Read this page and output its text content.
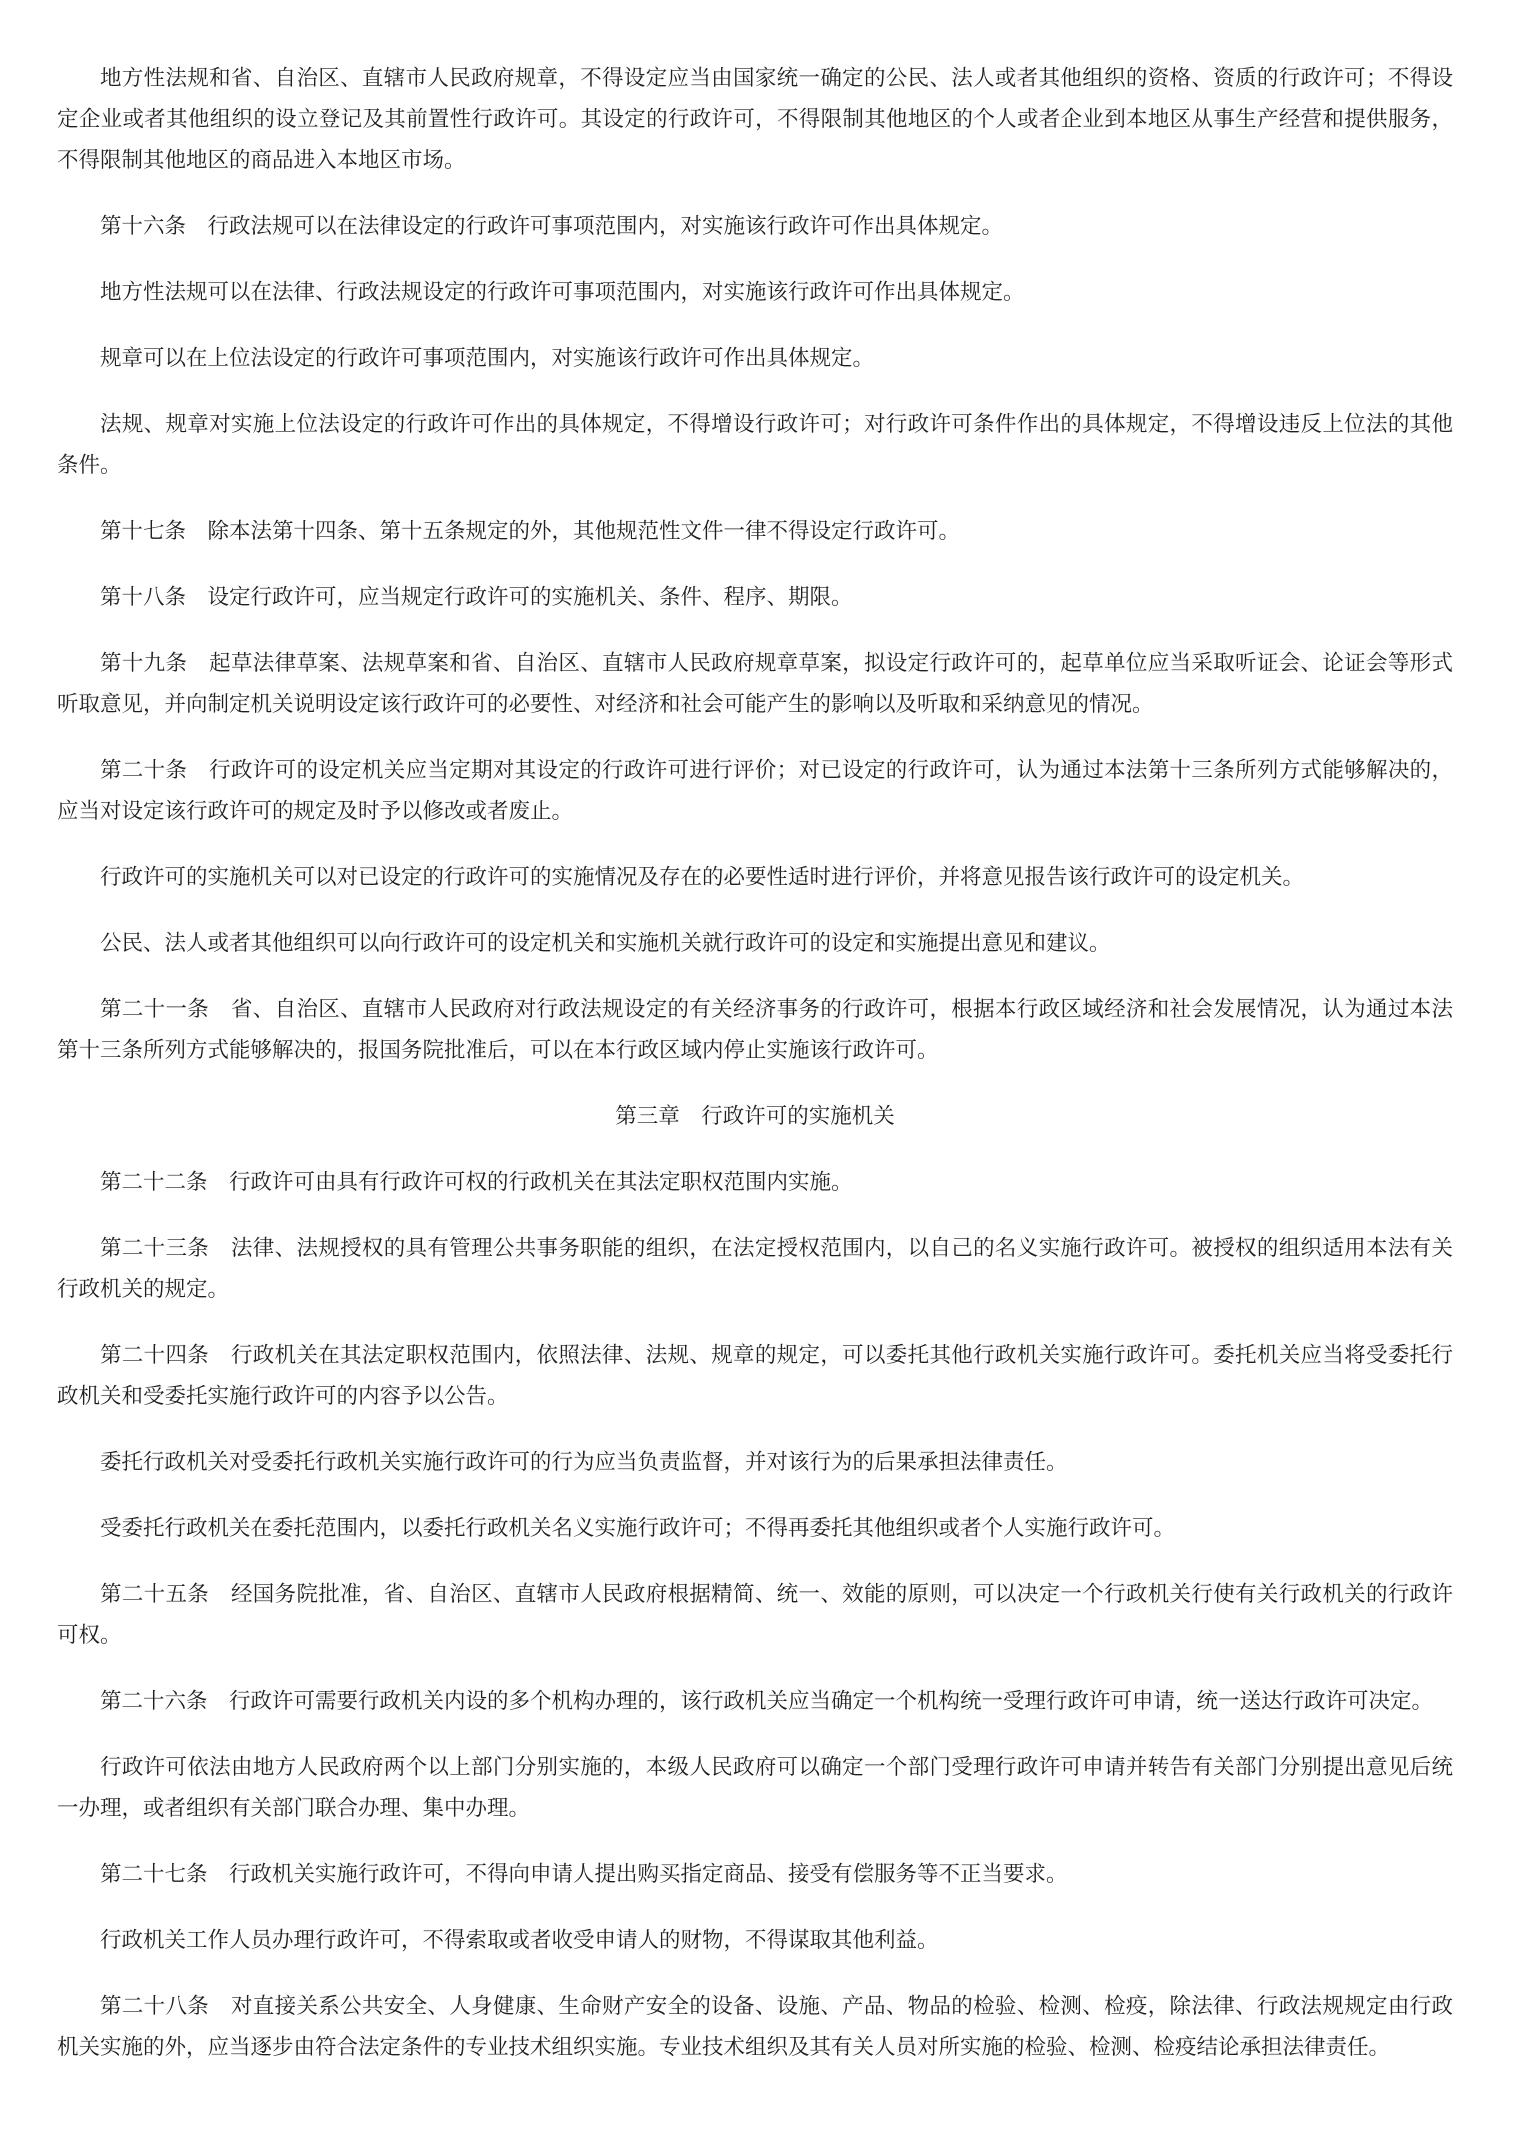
地方性法规和省、自治区、直辖市人民政府规章，不得设定应当由国家统一确定的公民、法人或者其他组织的资格、资质的行政许可；不得设定企业或者其他组织的设立登记及其前置性行政许可。其设定的行政许可，不得限制其他地区的个人或者企业到本地区从事生产经营和提供服务，不得限制其他地区的商品进入本地区市场。

第十六条　行政法规可以在法律设定的行政许可事项范围内，对实施该行政许可作出具体规定。

地方性法规可以在法律、行政法规设定的行政许可事项范围内，对实施该行政许可作出具体规定。

规章可以在上位法设定的行政许可事项范围内，对实施该行政许可作出具体规定。

法规、规章对实施上位法设定的行政许可作出的具体规定，不得增设行政许可；对行政许可条件作出的具体规定，不得增设违反上位法的其他条件。

第十七条　除本法第十四条、第十五条规定的外，其他规范性文件一律不得设定行政许可。

第十八条　设定行政许可，应当规定行政许可的实施机关、条件、程序、期限。

第十九条　起草法律草案、法规草案和省、自治区、直辖市人民政府规章草案，拟设定行政许可的，起草单位应当采取听证会、论证会等形式听取意见，并向制定机关说明设定该行政许可的必要性、对经济和社会可能产生的影响以及听取和采纳意见的情况。

第二十条　行政许可的设定机关应当定期对其设定的行政许可进行评价；对已设定的行政许可，认为通过本法第十三条所列方式能够解决的，应当对设定该行政许可的规定及时予以修改或者废止。

行政许可的实施机关可以对已设定的行政许可的实施情况及存在的必要性适时进行评价，并将意见报告该行政许可的设定机关。

公民、法人或者其他组织可以向行政许可的设定机关和实施机关就行政许可的设定和实施提出意见和建议。

第二十一条　省、自治区、直辖市人民政府对行政法规设定的有关经济事务的行政许可，根据本行政区域经济和社会发展情况，认为通过本法第十三条所列方式能够解决的，报国务院批准后，可以在本行政区域内停止实施该行政许可。

第三章　行政许可的实施机关

第二十二条　行政许可由具有行政许可权的行政机关在其法定职权范围内实施。

第二十三条　法律、法规授权的具有管理公共事务职能的组织，在法定授权范围内，以自己的名义实施行政许可。被授权的组织适用本法有关行政机关的规定。

第二十四条　行政机关在其法定职权范围内，依照法律、法规、规章的规定，可以委托其他行政机关实施行政许可。委托机关应当将受委托行政机关和受委托实施行政许可的内容予以公告。

委托行政机关对受委托行政机关实施行政许可的行为应当负责监督，并对该行为的后果承担法律责任。

受委托行政机关在委托范围内，以委托行政机关名义实施行政许可；不得再委托其他组织或者个人实施行政许可。

第二十五条　经国务院批准，省、自治区、直辖市人民政府根据精简、统一、效能的原则，可以决定一个行政机关行使有关行政机关的行政许可权。

第二十六条　行政许可需要行政机关内设的多个机构办理的，该行政机关应当确定一个机构统一受理行政许可申请，统一送达行政许可决定。

行政许可依法由地方人民政府两个以上部门分别实施的，本级人民政府可以确定一个部门受理行政许可申请并转告有关部门分别提出意见后统一办理，或者组织有关部门联合办理、集中办理。

第二十七条　行政机关实施行政许可，不得向申请人提出购买指定商品、接受有偿服务等不正当要求。

行政机关工作人员办理行政许可，不得索取或者收受申请人的财物，不得谋取其他利益。

第二十八条　对直接关系公共安全、人身健康、生命财产安全的设备、设施、产品、物品的检验、检测、检疫，除法律、行政法规规定由行政机关实施的外，应当逐步由符合法定条件的专业技术组织实施。专业技术组织及其有关人员对所实施的检验、检测、检疫结论承担法律责任。
